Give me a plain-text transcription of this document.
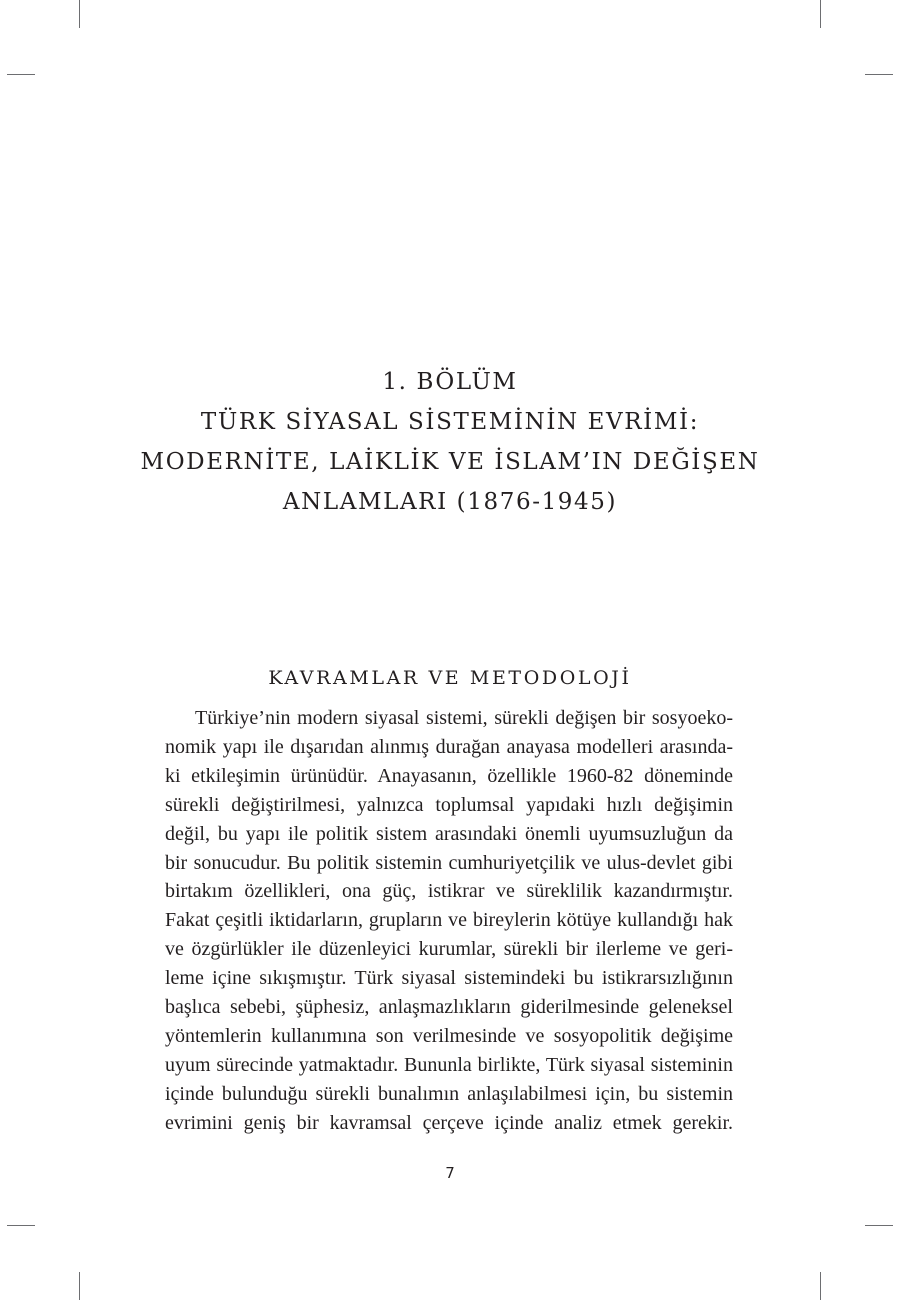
1. BÖLÜM
TÜRK SİYASAL SİSTEMİNİN EVRİMİ:
MODERNİTE, LAİKLİK VE İSLAM’IN DEĞİŞEN
ANLAMLARI (1876-1945)
KAVRAMLAR VE METODOLOJİ

Türkiye’nin modern siyasal sistemi, sürekli değişen bir sosyoeko-
nomik yapı ile dışarıdan alınmış durağan anayasa modelleri arasında-
ki etkileşimin ürünüdür. Anayasanın, özellikle 1960-82 döneminde
sürekli değiştirilmesi, yalnızca toplumsal yapıdaki hızlı değişimin
değil, bu yapı ile politik sistem arasındaki önemli uyumsuzluğun da
bir sonucudur. Bu politik sistemin cumhuriyetçilik ve ulus-devlet gibi
birtakım özellikleri, ona güç, istikrar ve süreklilik kazandırmıştır.
Fakat çeşitli iktidarların, grupların ve bireylerin kötüye kullandığı hak
ve özgürlükler ile düzenleyici kurumlar, sürekli bir ilerleme ve geri-
leme içine sıkışmıştır. Türk siyasal sistemindeki bu istikrarsızlığının
başlıca sebebi, şüphesiz, anlaşmazlıkların giderilmesinde geleneksel
yöntemlerin kullanımına son verilmesinde ve sosyopolitik değişime
uyum sürecinde yatmaktadır. Bununla birlikte, Türk siyasal sisteminin
içinde bulunduğu sürekli bunalımın anlaşılabilmesi için, bu sistemin
evrimini geniş bir kavramsal çerçeve içinde analiz etmek gerekir.

7
